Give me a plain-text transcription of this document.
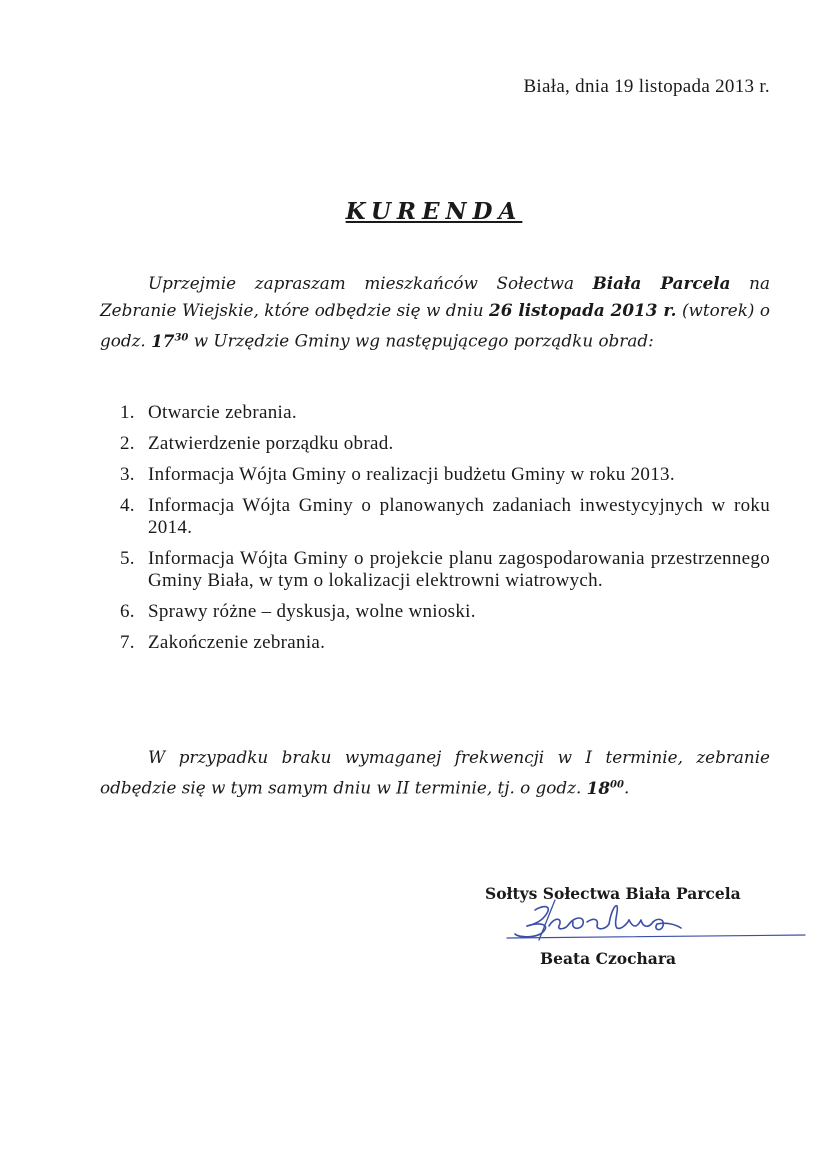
Biała, dnia 19 listopada 2013 r.
KURENDA
Uprzejmie zapraszam mieszkańców Sołectwa Biała Parcela na Zebranie Wiejskie, które odbędzie się w dniu 26 listopada 2013 r. (wtorek) o godz. $17^{30}$ w Urzędzie Gminy wg następującego porządku obrad:
1. Otwarcie zebrania.
2. Zatwierdzenie porządku obrad.
3. Informacja Wójta Gminy o realizacji budżetu Gminy w roku 2013.
4. Informacja Wójta Gminy o planowanych zadaniach inwestycyjnych w roku 2014.
5. Informacja Wójta Gminy o projekcie planu zagospodarowania przestrzennego Gminy Biała, w tym o lokalizacji elektrowni wiatrowych.
6. Sprawy różne – dyskusja, wolne wnioski.
7. Zakończenie zebrania.
W przypadku braku wymaganej frekwencji w I terminie, zebranie odbędzie się w tym samym dniu w II terminie, tj. o godz. $18^{00}$.
Sołtys Sołectwa Biała Parcela
Beata Czochara
